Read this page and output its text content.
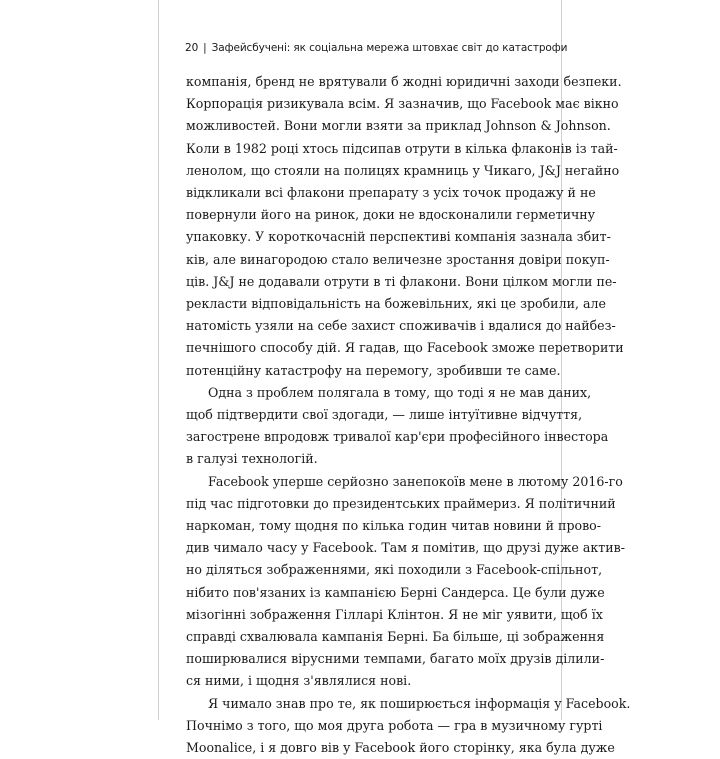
20 | Зафейсбучені: як соціальна мережа штовхає світ до катастрофи
компанія, бренд не врятували б жодні юридичні заходи безпеки.
Корпорація ризикувала всім. Я зазначив, що Facebook має вікно
можливостей. Вони могли взяти за приклад Johnson & Johnson.
Коли в 1982 році хтось підсипав отрути в кілька флаконів із тай-
ленолом, що стояли на полицях крамниць у Чикаго, J&J негайно
відкликали всі флакони препарату з усіх точок продажу й не
повернули його на ринок, доки не вдосконалили герметичну
упаковку. У короткочасній перспективі компанія зазнала збит-
ків, але винагородою стало величезне зростання довіри покуп-
ців. J&J не додавали отрути в ті флакони. Вони цілком могли пе-
рекласти відповідальність на божевільних, які це зробили, але
натомість узяли на себе захист споживачів і вдалися до найбез-
печнішого способу дій. Я гадав, що Facebook зможе перетворити
потенційну катастрофу на перемогу, зробивши те саме.
Одна з проблем полягала в тому, що тоді я не мав даних,
щоб підтвердити свої здогади, — лише інтуїтивне відчуття,
загострене впродовж тривалої кар'єри професійного інвестора
в галузі технологій.
Facebook уперше серйозно занепокоїв мене в лютому 2016-го
під час підготовки до президентських праймериз. Я політичний
наркоман, тому щодня по кілька годин читав новини й прово-
див чимало часу у Facebook. Там я помітив, що друзі дуже актив-
но діляться зображеннями, які походили з Facebook-спільнот,
нібито пов'язаних із кампанією Берні Сандерса. Це були дуже
мізогінні зображення Гілларі Клінтон. Я не міг уявити, щоб їх
справді схвалювала кампанія Берні. Ба більше, ці зображення
поширювалися вірусними темпами, багато моїх друзів ділили-
ся ними, і щодня з'являлися нові.
Я чимало знав про те, як поширюється інформація у Facebook.
Почнімо з того, що моя друга робота — гра в музичному гурті
Moonalice, і я довго вів у Facebook його сторінку, яка була дуже
